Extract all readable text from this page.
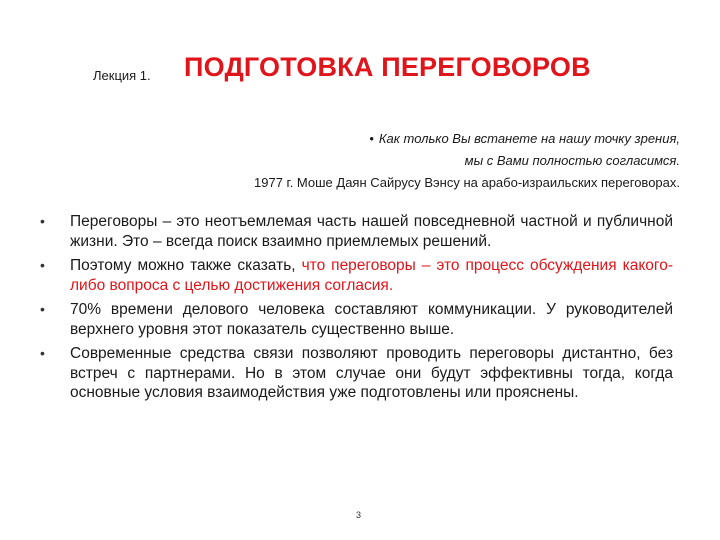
Лекция 1. ПОДГОТОВКА ПЕРЕГОВОРОВ
• Как только Вы встанете на нашу точку зрения,
мы с Вами полностью согласимся.
1977 г. Моше Даян Сайрусу Вэнсу на арабо-израильских переговорах.
• Переговоры – это неотъемлемая часть нашей повседневной частной и публичной жизни. Это – всегда поиск взаимно приемлемых решений.
• Поэтому можно также сказать, что переговоры – это процесс обсуждения какого-либо вопроса с целью достижения согласия.
• 70% времени делового человека составляют коммуникации. У руководителей верхнего уровня этот показатель существенно выше.
• Современные средства связи позволяют проводить переговоры дистантно, без встреч с партнерами. Но в этом случае они будут эффективны тогда, когда основные условия взаимодействия уже подготовлены или прояснены.
3
